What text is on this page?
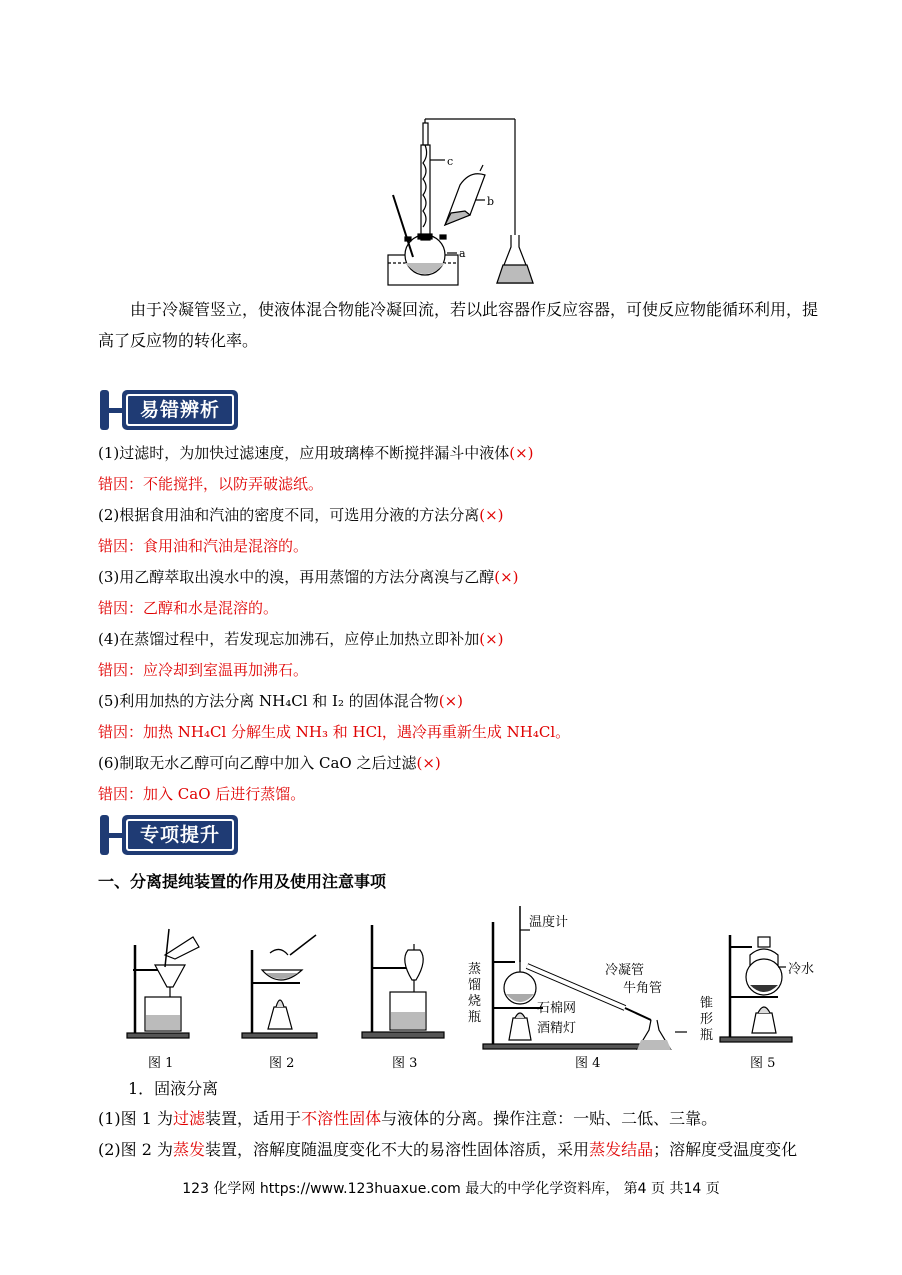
c
b
a
由于冷凝管竖立，使液体混合物能冷凝回流，若以此容器作反应容器，可使反应物能循环利用，提高了反应物的转化率。
易错辨析
(1)过滤时，为加快过滤速度，应用玻璃棒不断搅拌漏斗中液体(×)
错因：不能搅拌，以防弄破滤纸。
(2)根据食用油和汽油的密度不同，可选用分液的方法分离(×)
错因：食用油和汽油是混溶的。
(3)用乙醇萃取出溴水中的溴，再用蒸馏的方法分离溴与乙醇(×)
错因：乙醇和水是混溶的。
(4)在蒸馏过程中，若发现忘加沸石，应停止加热立即补加(×)
错因：应冷却到室温再加沸石。
(5)利用加热的方法分离 NH₄Cl 和 I₂ 的固体混合物(×)
错因：加热 NH₄Cl 分解生成 NH₃ 和 HCl，遇冷再重新生成 NH₄Cl。
(6)制取无水乙醇可向乙醇中加入 CaO 之后过滤(×)
错因：加入 CaO 后进行蒸馏。
专项提升
一、分离提纯装置的作用及使用注意事项
图 1	图 2	图 3
温度计
冷凝管
牛角管
石棉网
酒精灯
蒸
馏
烧
瓶
锥
形
瓶
图 4
冷水
图 5
1．固液分离
(1)图 1 为过滤装置，适用于不溶性固体与液体的分离。操作注意：一贴、二低、三靠。
(2)图 2 为蒸发装置，溶解度随温度变化不大的易溶性固体溶质，采用蒸发结晶；溶解度受温度变化
123 化学网 https://www.123huaxue.com 最大的中学化学资料库， 第4 页 共14 页
